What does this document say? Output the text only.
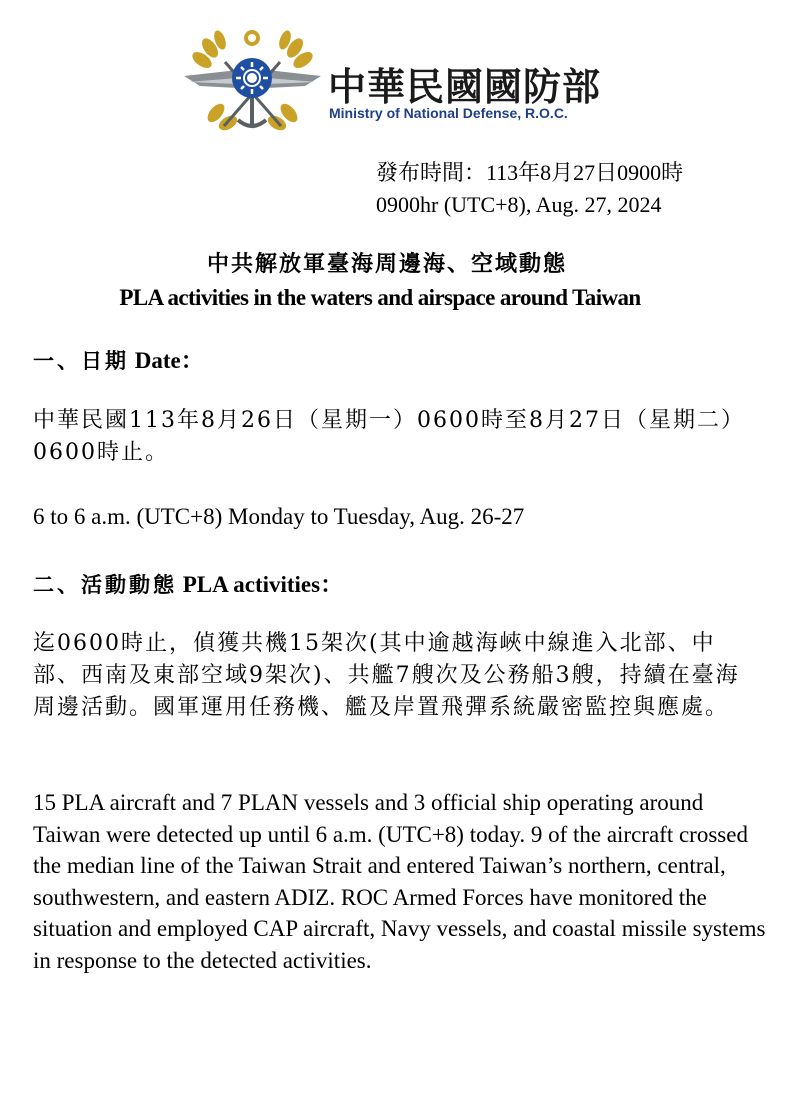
中華民國國防部
Ministry of National Defense, R.O.C.
發布時間：113年8月27日0900時
0900hr (UTC+8), Aug. 27, 2024
中共解放軍臺海周邊海、空域動態
PLA activities in the waters and airspace around Taiwan
一、日期 Date：
中華民國113年8月26日（星期一）0600時至8月27日（星期二）0600時止。
6 to 6 a.m. (UTC+8) Monday to Tuesday, Aug. 26-27
二、活動動態 PLA activities：
迄0600時止，偵獲共機15架次(其中逾越海峽中線進入北部、中部、西南及東部空域9架次)、共艦7艘次及公務船3艘，持續在臺海周邊活動。國軍運用任務機、艦及岸置飛彈系統嚴密監控與應處。
15 PLA aircraft and 7 PLAN vessels and 3 official ship operating around Taiwan were detected up until 6 a.m. (UTC+8) today. 9 of the aircraft crossed the median line of the Taiwan Strait and entered Taiwan’s northern, central, southwestern, and eastern ADIZ. ROC Armed Forces have monitored the situation and employed CAP aircraft, Navy vessels, and coastal missile systems in response to the detected activities.
